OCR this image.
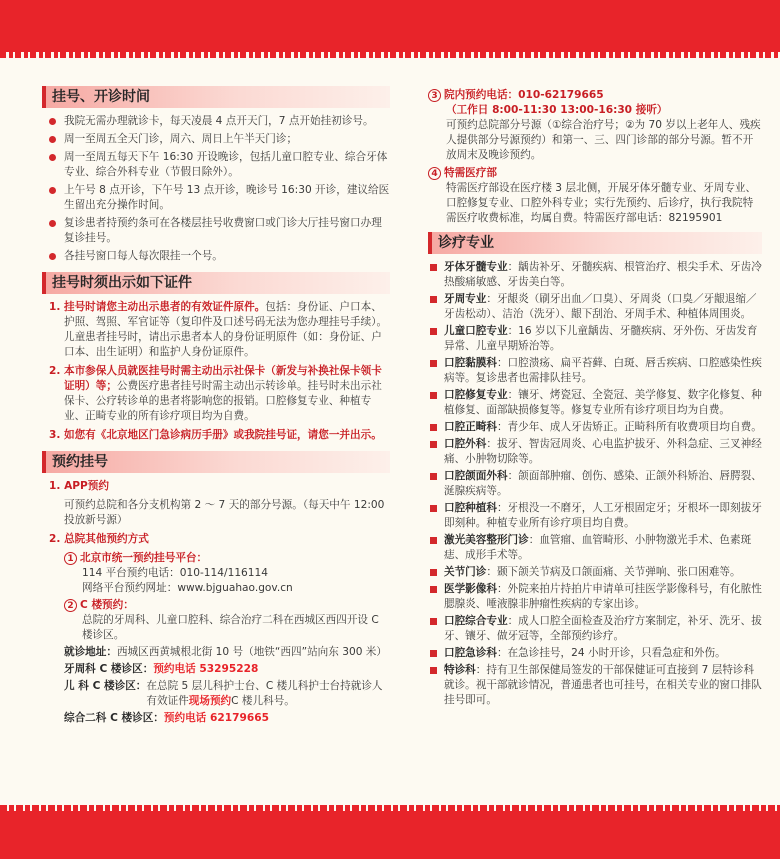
挂号、开诊时间
我院无需办理就诊卡，每天凌晨 4 点开天门，7 点开始挂初诊号。
周一至周五全天门诊，周六、周日上午半天门诊；
周一至周五每天下午 16:30 开设晚诊，包括儿童口腔专业、综合牙体专业、综合外科专业（节假日除外）。
上午号 8 点开诊，下午号 13 点开诊，晚诊号 16:30 开诊，建议给医生留出充分操作时间。
复诊患者持预约条可在各楼层挂号收费窗口或门诊大厅挂号窗口办理复诊挂号。
各挂号窗口每人每次限挂一个号。
挂号时须出示如下证件
1. 挂号时请您主动出示患者的有效证件原件。包括：身份证、户口本、护照、驾照、军官证等（复印件及口述号码无法为您办理挂号手续）。儿童患者挂号时，请出示患者本人的身份证明原件（如：身份证、户口本、出生证明）和监护人身份证原件。
2. 本市参保人员就医挂号时需主动出示社保卡（新发与补换社保卡领卡证明）等；公费医疗患者挂号时需主动出示转诊单。挂号时未出示社保卡、公疗转诊单的患者将影响您的报销。口腔修复专业、种植专业、正畸专业的所有诊疗项目均为自费。
3. 如您有《北京地区门急诊病历手册》或我院挂号证，请您一并出示。
预约挂号
1. APP预约
可预约总院和各分支机构第 2 ～ 7 天的部分号源。（每天中午 12:00 投放新号源）
2. 总院其他预约方式
1 北京市统一预约挂号平台：
114 平台预约电话：010-114/116114
网络平台预约网址：www.bjguahao.gov.cn
2 C 楼预约：
总院的牙周科、儿童口腔科、综合治疗二科在西城区西四开设 C 楼诊区。
就诊地址： 西城区西黄城根北街 10 号（地铁“西四”站向东 300 米）
牙周科 C 楼诊区： 预约电话 53295228
儿 科 C 楼诊区： 在总院 5 层儿科护士台、C 楼儿科护士台持就诊人有效证件现场预约C 楼儿科号。
综合二科 C 楼诊区： 预约电话 62179665
3 院内预约电话：010-62179665
（工作日 8:00-11:30 13:00-16:30 接听）
可预约总院部分号源（①综合治疗号；②为 70 岁以上老年人、残疾人提供部分号源预约）和第一、三、四门诊部的部分号源。暂不开放周末及晚诊预约。
4 特需医疗部
特需医疗部设在医疗楼 3 层北侧，开展牙体牙髓专业、牙周专业、口腔修复专业、口腔外科专业；实行先预约、后诊疗，执行我院特需医疗收费标准，均属自费。特需医疗部电话：82195901
诊疗专业
牙体牙髓专业：龋齿补牙、牙髓疾病、根管治疗、根尖手术、牙齿冷热酸痛敏感、牙齿美白等。
牙周专业：牙龈炎（刷牙出血／口臭）、牙周炎（口臭／牙龈退缩／牙齿松动）、洁治（洗牙）、龈下刮治、牙周手术、种植体周围炎。
儿童口腔专业：16 岁以下儿童龋齿、牙髓疾病、牙外伤、牙齿发育异常、儿童早期矫治等。
口腔黏膜科：口腔溃疡、扁平苔藓、白斑、唇舌疾病、口腔感染性疾病等。复诊患者也需排队挂号。
口腔修复专业：镶牙、烤瓷冠、全瓷冠、美学修复、数字化修复、种植修复、面部缺损修复等。修复专业所有诊疗项目均为自费。
口腔正畸科：青少年、成人牙齿矫正。正畸科所有收费项目均自费。
口腔外科：拔牙、智齿冠周炎、心电监护拔牙、外科急症、三叉神经痛、小肿物切除等。
口腔颌面外科：颌面部肿瘤、创伤、感染、正颌外科矫治、唇腭裂、涎腺疾病等。
口腔种植科：牙根没一不磨牙，人工牙根固定牙；牙根坏一即刻拔牙即刻种。种植专业所有诊疗项目均自费。
激光美容整形门诊：血管瘤、血管畸形、小肿物激光手术、色素斑痣、成形手术等。
关节门诊：颞下颌关节病及口颌面痛、关节弹响、张口困难等。
医学影像科：外院来拍片持拍片申请单可挂医学影像科号，有化脓性腮腺炎、唾液腺非肿瘤性疾病的专家出诊。
口腔综合专业：成人口腔全面检查及治疗方案制定，补牙、洗牙、拔牙、镶牙、做牙冠等，全部预约诊疗。
口腔急诊科：在急诊挂号，24 小时开诊，只看急症和外伤。
特诊科：持有卫生部保健局签发的干部保健证可直接到 7 层特诊科就诊。视干部就诊情况，普通患者也可挂号，在相关专业的窗口排队挂号即可。
